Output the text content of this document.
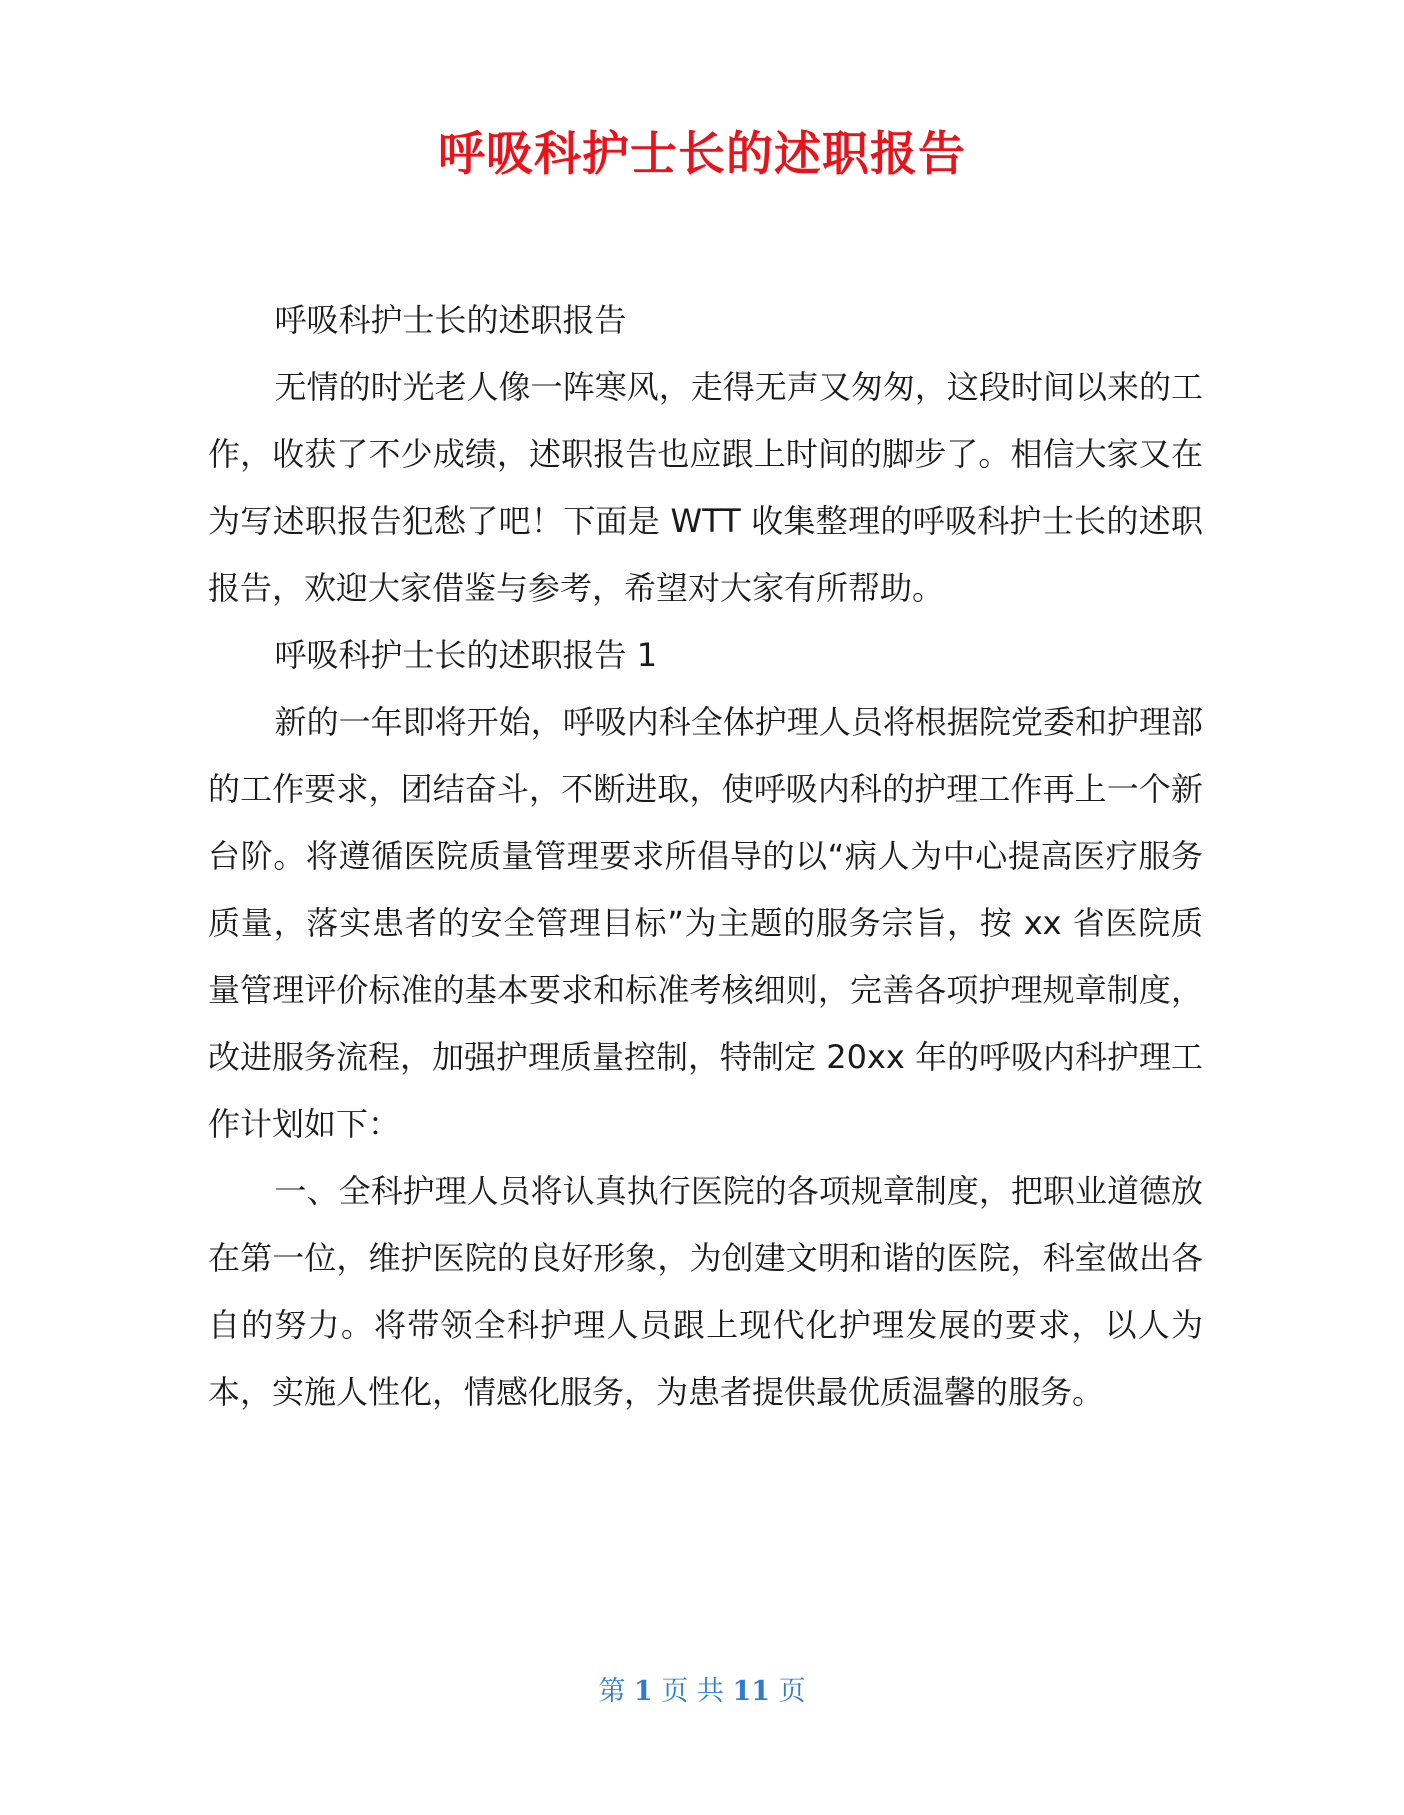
呼吸科护士长的述职报告

呼吸科护士长的述职报告

无情的时光老人像一阵寒风，走得无声又匆匆，这段时间以来的工作，收获了不少成绩，述职报告也应跟上时间的脚步了。相信大家又在为写述职报告犯愁了吧！下面是 WTT 收集整理的呼吸科护士长的述职报告，欢迎大家借鉴与参考，希望对大家有所帮助。

呼吸科护士长的述职报告 1

新的一年即将开始，呼吸内科全体护理人员将根据院党委和护理部的工作要求，团结奋斗，不断进取，使呼吸内科的护理工作再上一个新台阶。将遵循医院质量管理要求所倡导的以“病人为中心提高医疗服务质量，落实患者的安全管理目标”为主题的服务宗旨，按 xx 省医院质量管理评价标准的基本要求和标准考核细则，完善各项护理规章制度，改进服务流程，加强护理质量控制，特制定 20xx 年的呼吸内科护理工作计划如下：

一、全科护理人员将认真执行医院的各项规章制度，把职业道德放在第一位，维护医院的良好形象，为创建文明和谐的医院，科室做出各自的努力。将带领全科护理人员跟上现代化护理发展的要求，以人为本，实施人性化，情感化服务，为患者提供最优质温馨的服务。

第 1 页 共 11 页
